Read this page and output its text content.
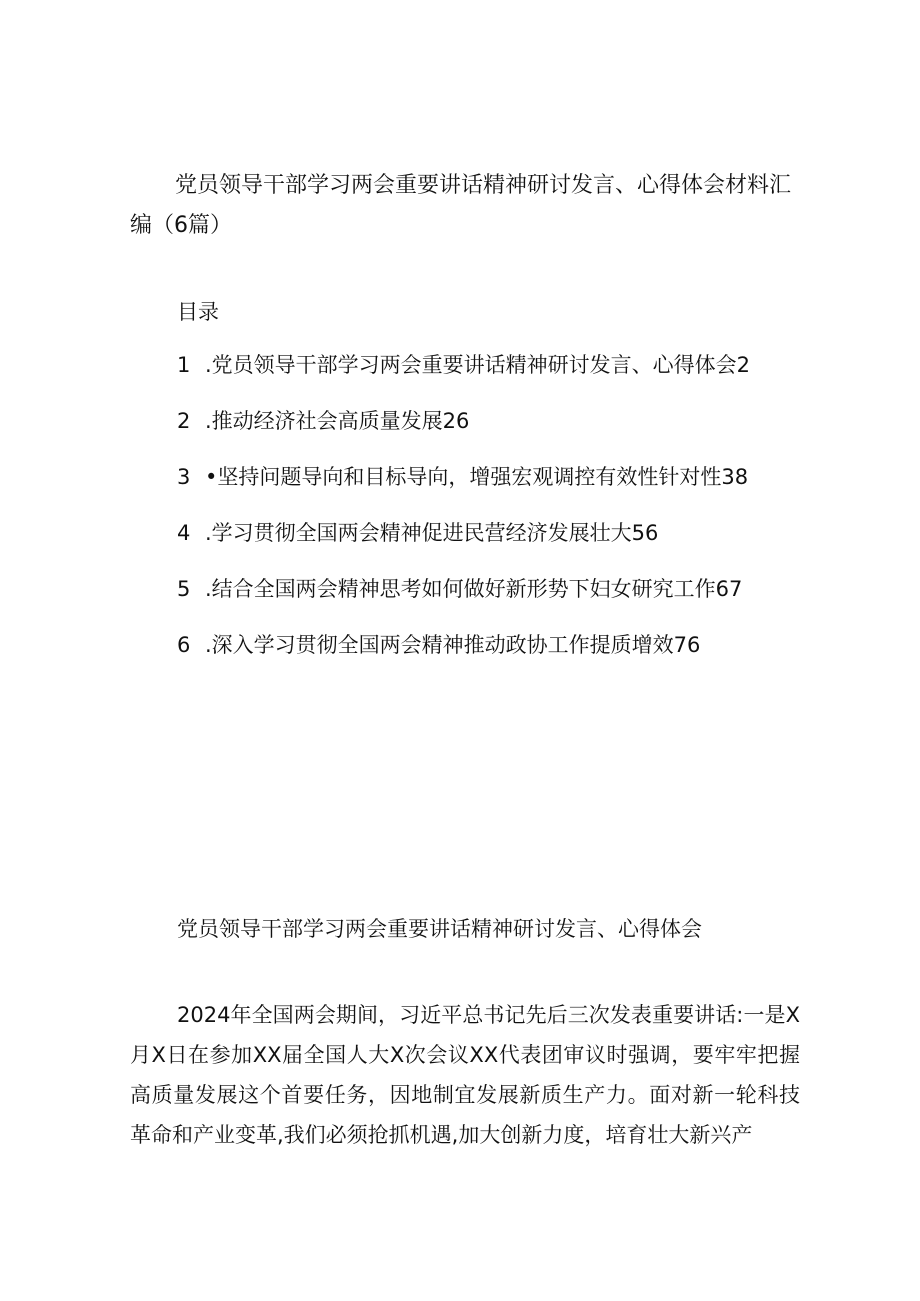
党员领导干部学习两会重要讲话精神研讨发言、心得体会材料汇编（6篇）
目录
1 .党员领导干部学习两会重要讲话精神研讨发言、心得体会2
2 .推动经济社会高质量发展26
3 •坚持问题导向和目标导向，增强宏观调控有效性针对性38
4 .学习贯彻全国两会精神促进民营经济发展壮大56
5 .结合全国两会精神思考如何做好新形势下妇女研究工作67
6 .深入学习贯彻全国两会精神推动政协工作提质增效76
党员领导干部学习两会重要讲话精神研讨发言、心得体会

2024年全国两会期间，习近平总书记先后三次发表重要讲话:一是X月X日在参加XX届全国人大X次会议XX代表团审议时强调，要牢牢把握高质量发展这个首要任务，因地制宜发展新质生产力。面对新一轮科技革命和产业变革,我们必须抢抓机遇,加大创新力度，培育壮大新兴产
